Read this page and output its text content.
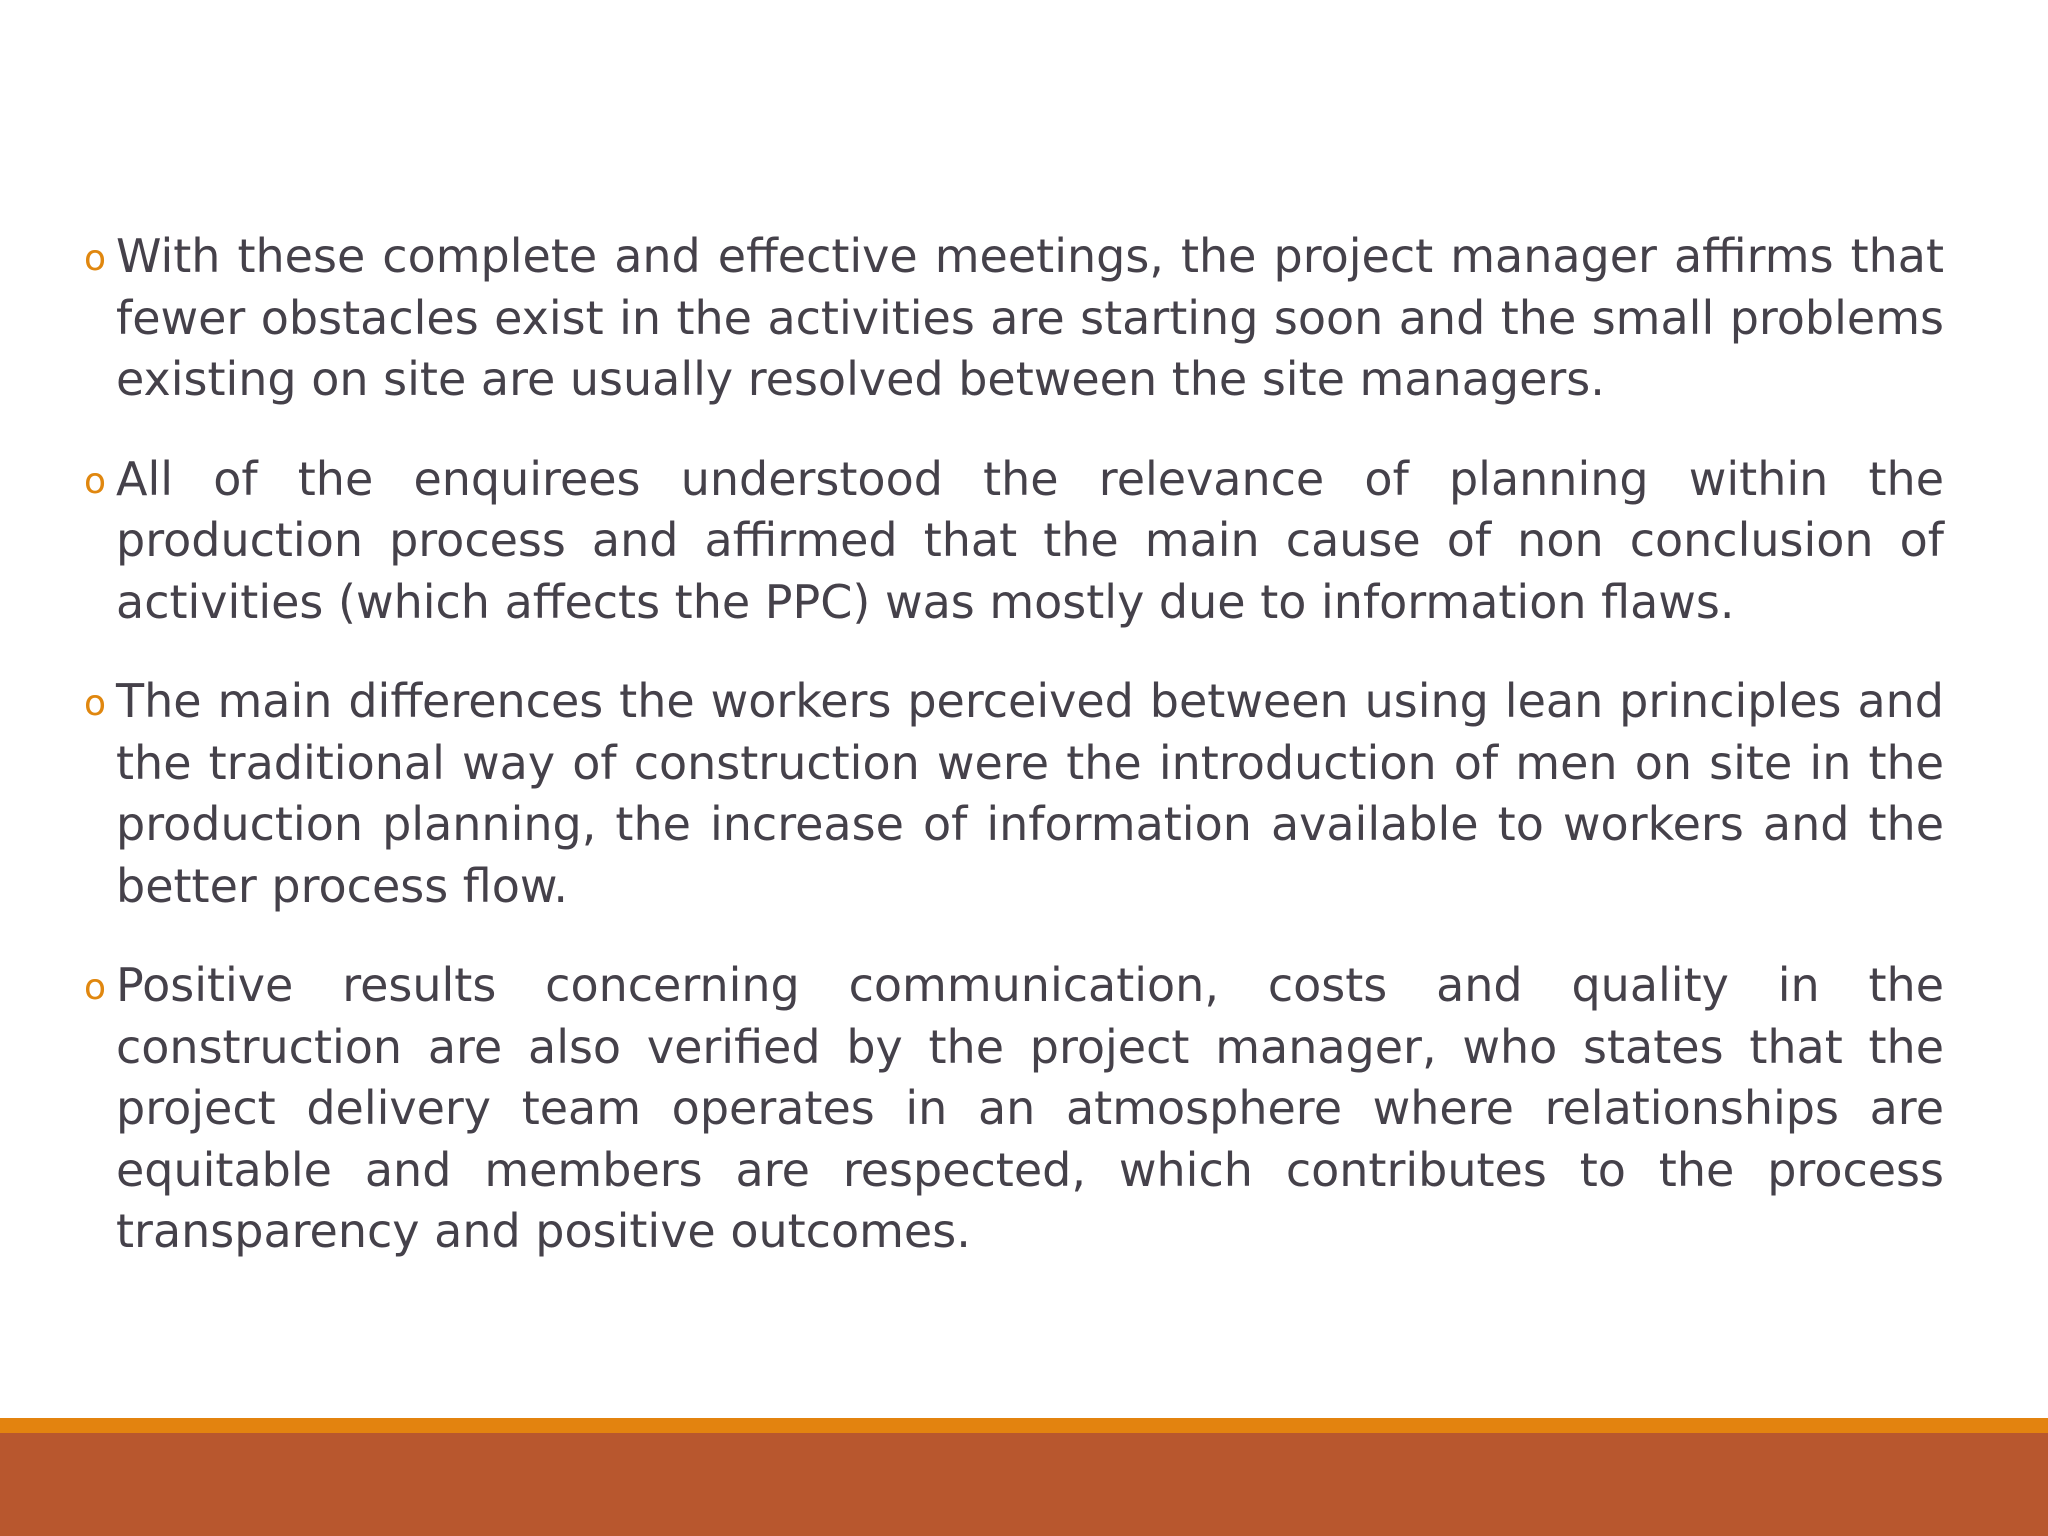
o With these complete and effective meetings, the project manager affirms that fewer obstacles exist in the activities are starting soon and the small problems existing on site are usually resolved between the site managers.
o All of the enquirees understood the relevance of planning within the production process and affirmed that the main cause of non conclusion of activities (which affects the PPC) was mostly due to information flaws.
o The main differences the workers perceived between using lean principles and the traditional way of construction were the introduction of men on site in the production planning, the increase of information available to workers and the better process flow.
o Positive results concerning communication, costs and quality in the construction are also verified by the project manager, who states that the project delivery team operates in an atmosphere where relationships are equitable and members are respected, which contributes to the process transparency and positive outcomes.
